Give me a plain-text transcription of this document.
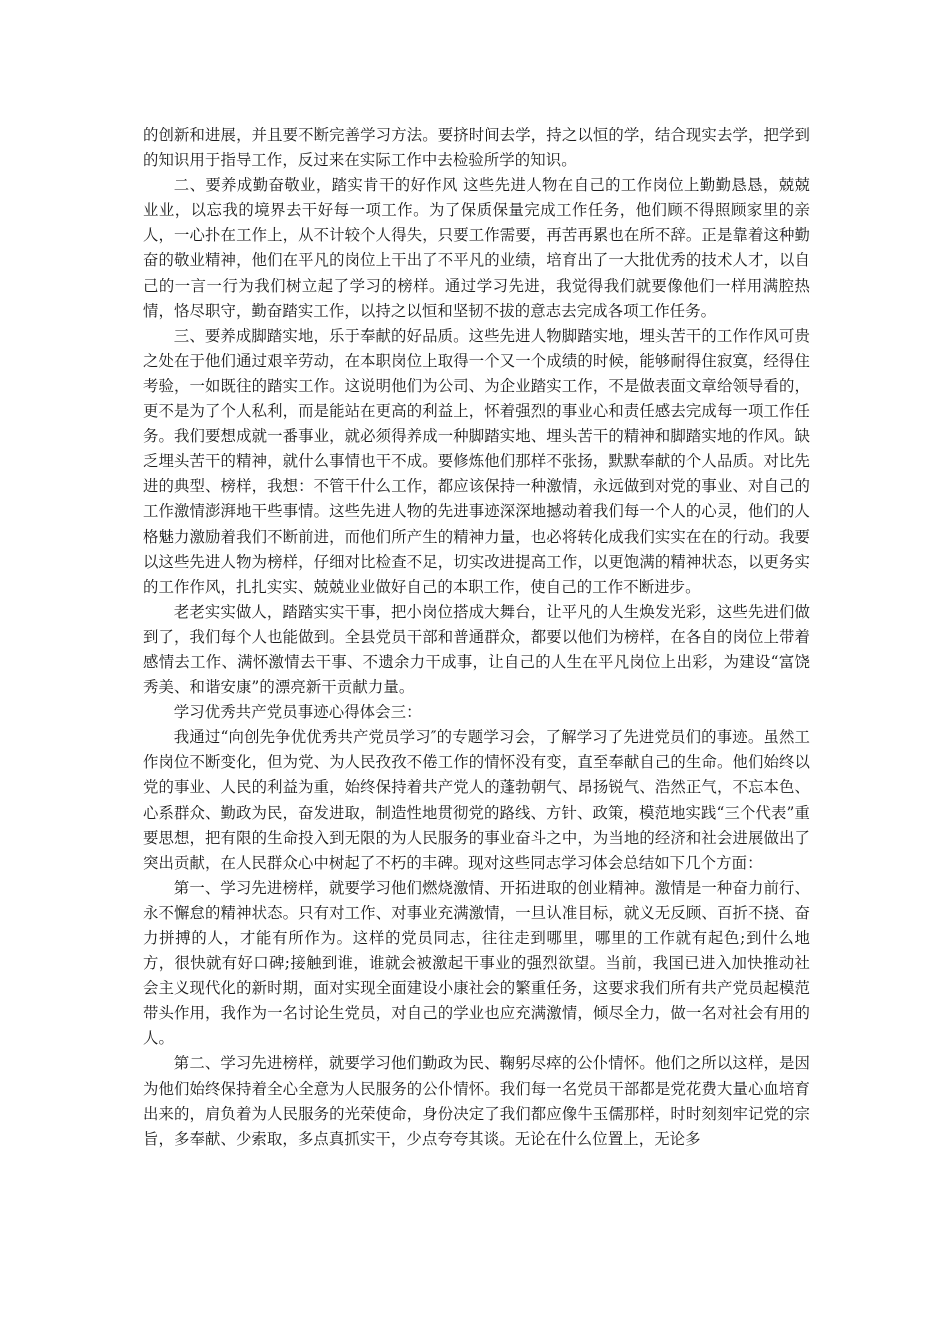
的创新和进展，并且要不断完善学习方法。要挤时间去学，持之以恒的学，结合现实去学，把学到的知识用于指导工作，反过来在实际工作中去检验所学的知识。

二、要养成勤奋敬业，踏实肯干的好作风 这些先进人物在自己的工作岗位上勤勤恳恳，兢兢业业，以忘我的境界去干好每一项工作。为了保质保量完成工作任务，他们顾不得照顾家里的亲人，一心扑在工作上，从不计较个人得失，只要工作需要，再苦再累也在所不辞。正是靠着这种勤奋的敬业精神，他们在平凡的岗位上干出了不平凡的业绩，培育出了一大批优秀的技术人才，以自己的一言一行为我们树立起了学习的榜样。通过学习先进，我觉得我们就要像他们一样用满腔热情，恪尽职守，勤奋踏实工作，以持之以恒和坚韧不拔的意志去完成各项工作任务。

三、要养成脚踏实地，乐于奉献的好品质。这些先进人物脚踏实地，埋头苦干的工作作风可贵之处在于他们通过艰辛劳动，在本职岗位上取得一个又一个成绩的时候，能够耐得住寂寞，经得住考验，一如既往的踏实工作。这说明他们为公司、为企业踏实工作，不是做表面文章给领导看的，更不是为了个人私利，而是能站在更高的利益上，怀着强烈的事业心和责任感去完成每一项工作任务。我们要想成就一番事业，就必须得养成一种脚踏实地、埋头苦干的精神和脚踏实地的作风。缺乏埋头苦干的精神，就什么事情也干不成。要修炼他们那样不张扬，默默奉献的个人品质。对比先进的典型、榜样，我想：不管干什么工作，都应该保持一种激情，永远做到对党的事业、对自己的工作激情澎湃地干些事情。这些先进人物的先进事迹深深地撼动着我们每一个人的心灵，他们的人格魅力激励着我们不断前进，而他们所产生的精神力量，也必将转化成我们实实在在的行动。我要以这些先进人物为榜样，仔细对比检查不足，切实改进提高工作，以更饱满的精神状态，以更务实的工作作风，扎扎实实、兢兢业业做好自己的本职工作，使自己的工作不断进步。

老老实实做人，踏踏实实干事，把小岗位搭成大舞台，让平凡的人生焕发光彩，这些先进们做到了，我们每个人也能做到。全县党员干部和普通群众，都要以他们为榜样，在各自的岗位上带着感情去工作、满怀激情去干事、不遗余力干成事，让自己的人生在平凡岗位上出彩，为建设“富饶秀美、和谐安康”的漂亮新干贡献力量。

学习优秀共产党员事迹心得体会三：

我通过“向创先争优优秀共产党员学习″的专题学习会，了解学习了先进党员们的事迹。虽然工作岗位不断变化，但为党、为人民孜孜不倦工作的情怀没有变，直至奉献自己的生命。他们始终以党的事业、人民的利益为重，始终保持着共产党人的蓬勃朝气、昂扬锐气、浩然正气，不忘本色、心系群众、勤政为民，奋发进取，制造性地贯彻党的路线、方针、政策，模范地实践“三个代表”重要思想，把有限的生命投入到无限的为人民服务的事业奋斗之中，为当地的经济和社会进展做出了突出贡献，在人民群众心中树起了不朽的丰碑。现对这些同志学习体会总结如下几个方面：

第一、学习先进榜样，就要学习他们燃烧激情、开拓进取的创业精神。激情是一种奋力前行、永不懈怠的精神状态。只有对工作、对事业充满激情，一旦认准目标，就义无反顾、百折不挠、奋力拼搏的人，才能有所作为。这样的党员同志，往往走到哪里，哪里的工作就有起色;到什么地方，很快就有好口碑;接触到谁，谁就会被激起干事业的强烈欲望。当前，我国已进入加快推动社会主义现代化的新时期，面对实现全面建设小康社会的繁重任务，这要求我们所有共产党员起模范带头作用，我作为一名讨论生党员，对自己的学业也应充满激情，倾尽全力，做一名对社会有用的人。

第二、学习先进榜样，就要学习他们勤政为民、鞠躬尽瘁的公仆情怀。他们之所以这样，是因为他们始终保持着全心全意为人民服务的公仆情怀。我们每一名党员干部都是党花费大量心血培育出来的，肩负着为人民服务的光荣使命，身份决定了我们都应像牛玉儒那样，时时刻刻牢记党的宗旨，多奉献、少索取，多点真抓实干，少点夸夸其谈。无论在什么位置上，无论多
